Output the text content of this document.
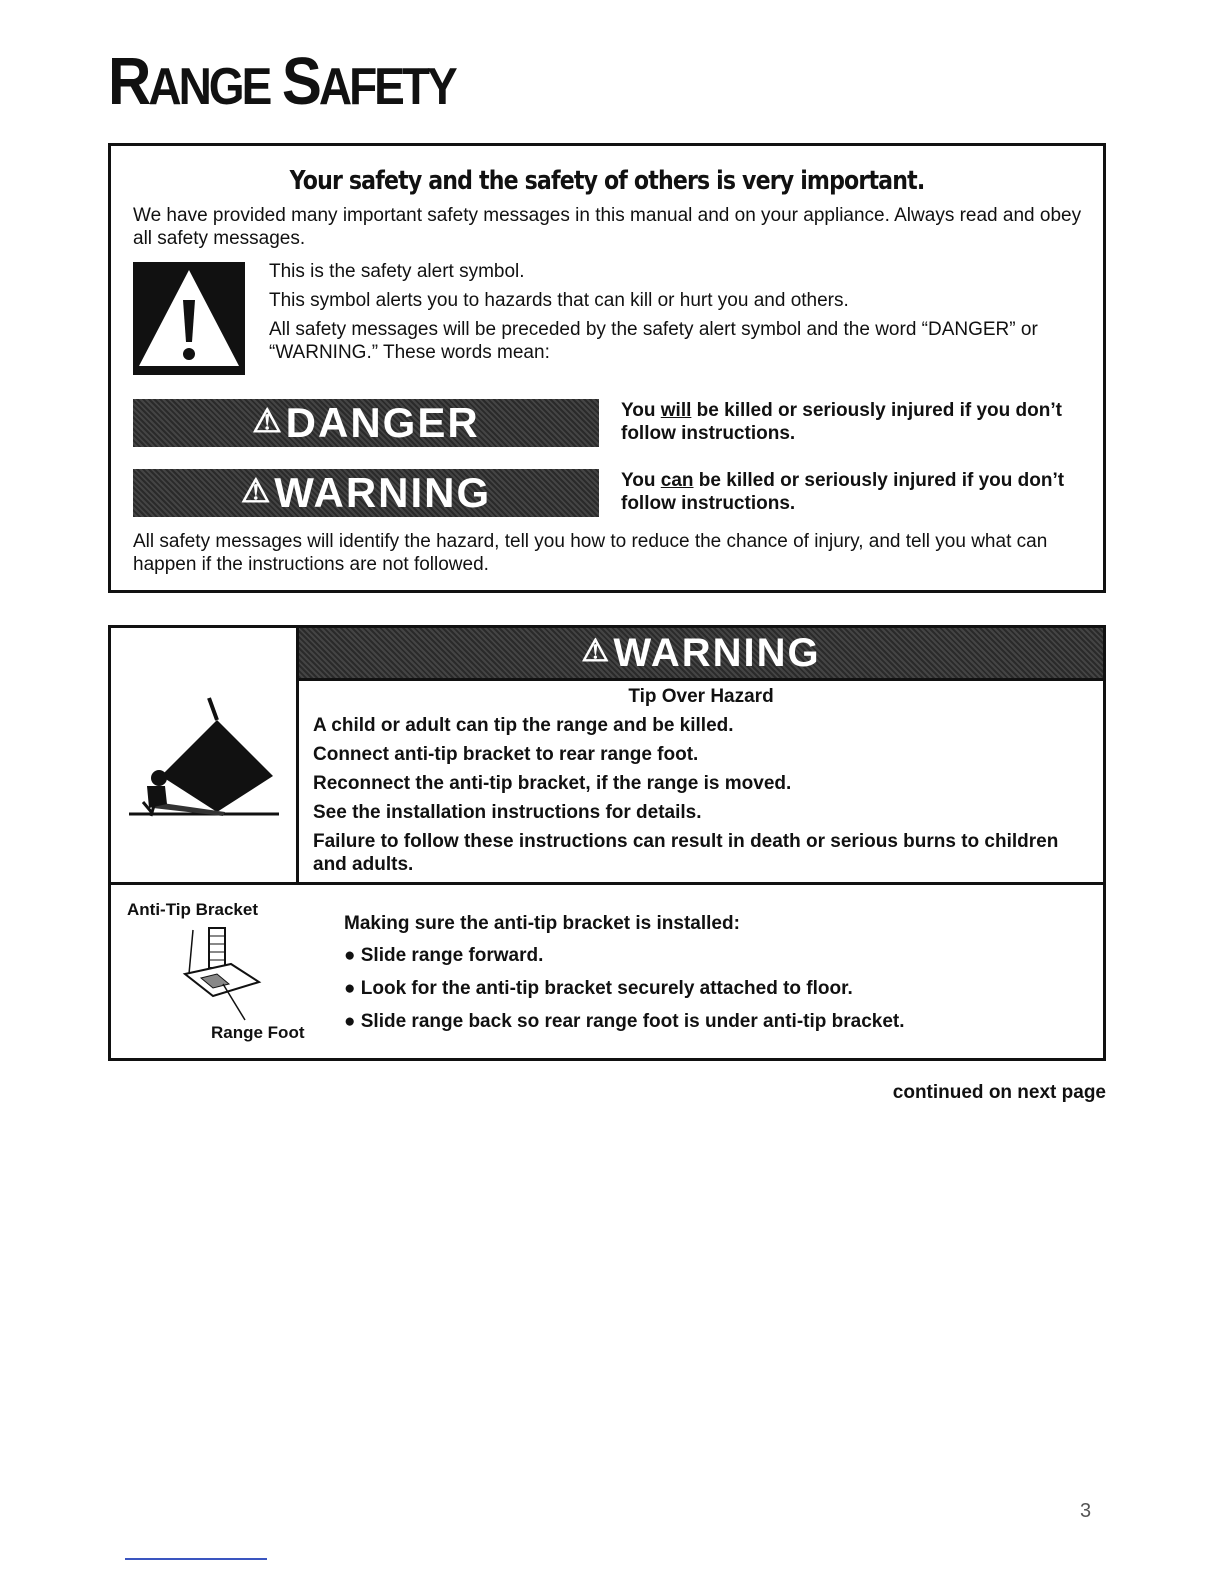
RANGE SAFETY
Your safety and the safety of others is very important.
We have provided many important safety messages in this manual and on your appliance. Always read and obey all safety messages.

This is the safety alert symbol.

This symbol alerts you to hazards that can kill or hurt you and others.

All safety messages will be preceded by the safety alert symbol and the word “DANGER” or “WARNING.” These words mean:

⚠ DANGER	You will be killed or seriously injured if you don’t follow instructions.
⚠ WARNING	You can be killed or seriously injured if you don’t follow instructions.
All safety messages will identify the hazard, tell you how to reduce the chance of injury, and tell you what can happen if the instructions are not followed.
⚠ WARNING
Tip Over Hazard

A child or adult can tip the range and be killed.

Connect anti-tip bracket to rear range foot.

Reconnect the anti-tip bracket, if the range is moved.

See the installation instructions for details.

Failure to follow these instructions can result in death or serious burns to children and adults.

Anti-Tip Bracket
Range Foot
Making sure the anti-tip bracket is installed:

● Slide range forward.

● Look for the anti-tip bracket securely attached to floor.

● Slide range back so rear range foot is under anti-tip bracket.

continued on next page
3
